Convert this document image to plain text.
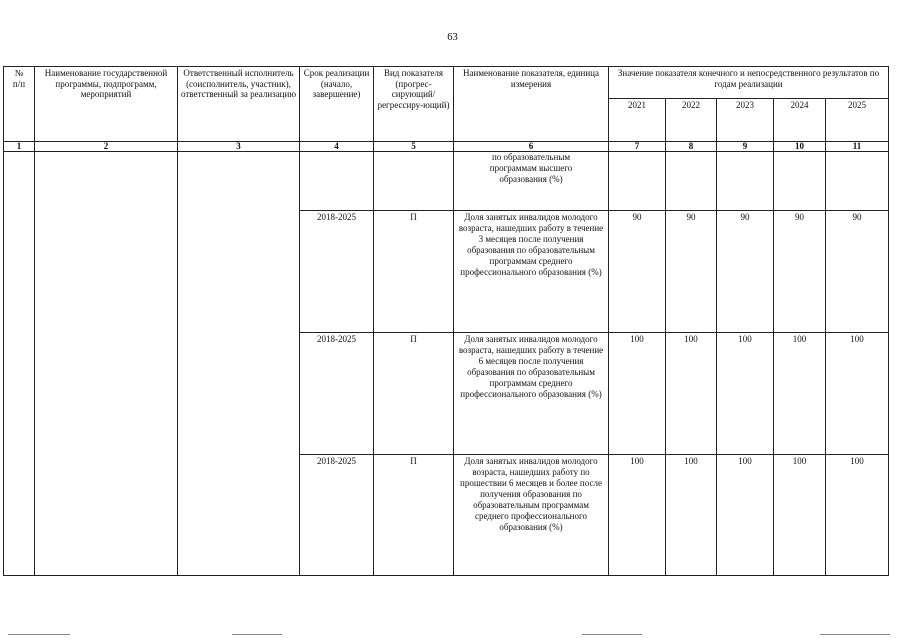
63
№
п/п	Наименование государственной программы, подпрограмм, мероприятий	Ответственный исполнитель (соисполнитель, участник), ответственный за реализацию	Срок реализации (начало, завершение)	Вид показателя (прогрес-сирующий/ регрессиру-ющий)	Наименование показателя, единица измерения	Значение показателя конечного и непосредственного результатов по годам реализации				
						2021	2022	2023	2024	2025
1	2	3	4	5	6	7	8	9	10	11
					по образовательным программам высшего образования (%)					
			2018-2025	П	Доля занятых инвалидов молодого возраста, нашедших работу в течение 3 месяцев после получения образования по образовательным программам среднего профессионального образования (%)	90	90	90	90	90
			2018-2025	П	Доля занятых инвалидов молодого возраста, нашедших работу в течение 6 месяцев после получения образования по образовательным программам среднего профессионального образования (%)	100	100	100	100	100
			2018-2025	П	Доля занятых инвалидов молодого возраста, нашедших работу по прошествии 6 месяцев и более после получения образования по образовательным программам среднего профессионального образования (%)	100	100	100	100	100
